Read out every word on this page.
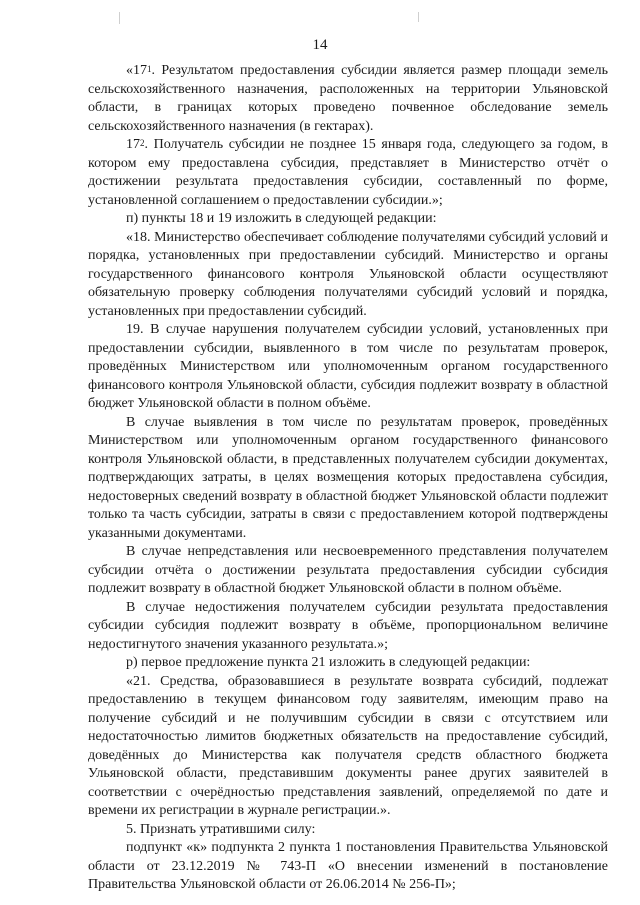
14

«$17^1$. Результатом предоставления субсидии является размер площади земель сельскохозяйственного назначения, расположенных на территории Ульяновской области, в границах которых проведено почвенное обследование земель сельскохозяйственного назначения (в гектарах).

$17^2$. Получатель субсидии не позднее 15 января года, следующего за годом, в котором ему предоставлена субсидия, представляет в Министерство отчёт о достижении результата предоставления субсидии, составленный по форме, установленной соглашением о предоставлении субсидии.»;

п) пункты 18 и 19 изложить в следующей редакции:

«18. Министерство обеспечивает соблюдение получателями субсидий условий и порядка, установленных при предоставлении субсидий. Министерство и органы государственного финансового контроля Ульяновской области осуществляют обязательную проверку соблюдения получателями субсидий условий и порядка, установленных при предоставлении субсидий.

19. В случае нарушения получателем субсидии условий, установленных при предоставлении субсидии, выявленного в том числе по результатам проверок, проведённых Министерством или уполномоченным органом государственного финансового контроля Ульяновской области, субсидия подлежит возврату в областной бюджет Ульяновской области в полном объёме.

В случае выявления в том числе по результатам проверок, проведённых Министерством или уполномоченным органом государственного финансового контроля Ульяновской области, в представленных получателем субсидии документах, подтверждающих затраты, в целях возмещения которых предоставлена субсидия, недостоверных сведений возврату в областной бюджет Ульяновской области подлежит только та часть субсидии, затраты в связи с предоставлением которой подтверждены указанными документами.

В случае непредставления или несвоевременного представления получателем субсидии отчёта о достижении результата предоставления субсидии субсидия подлежит возврату в областной бюджет Ульяновской области в полном объёме.

В случае недостижения получателем субсидии результата предоставления субсидии субсидия подлежит возврату в объёме, пропорциональном величине недостигнутого значения указанного результата.»;

р) первое предложение пункта 21 изложить в следующей редакции:

«21. Средства, образовавшиеся в результате возврата субсидий, подлежат предоставлению в текущем финансовом году заявителям, имеющим право на получение субсидий и не получившим субсидии в связи с отсутствием или недостаточностью лимитов бюджетных обязательств на предоставление субсидий, доведённых до Министерства как получателя средств областного бюджета Ульяновской области, представившим документы ранее других заявителей в соответствии с очерёдностью представления заявлений, определяемой по дате и времени их регистрации в журнале регистрации.».

5. Признать утратившими силу:

подпункт «к» подпункта 2 пункта 1 постановления Правительства Ульяновской области от 23.12.2019 № 743-П «О внесении изменений в постановление Правительства Ульяновской области от 26.06.2014 № 256-П»;
